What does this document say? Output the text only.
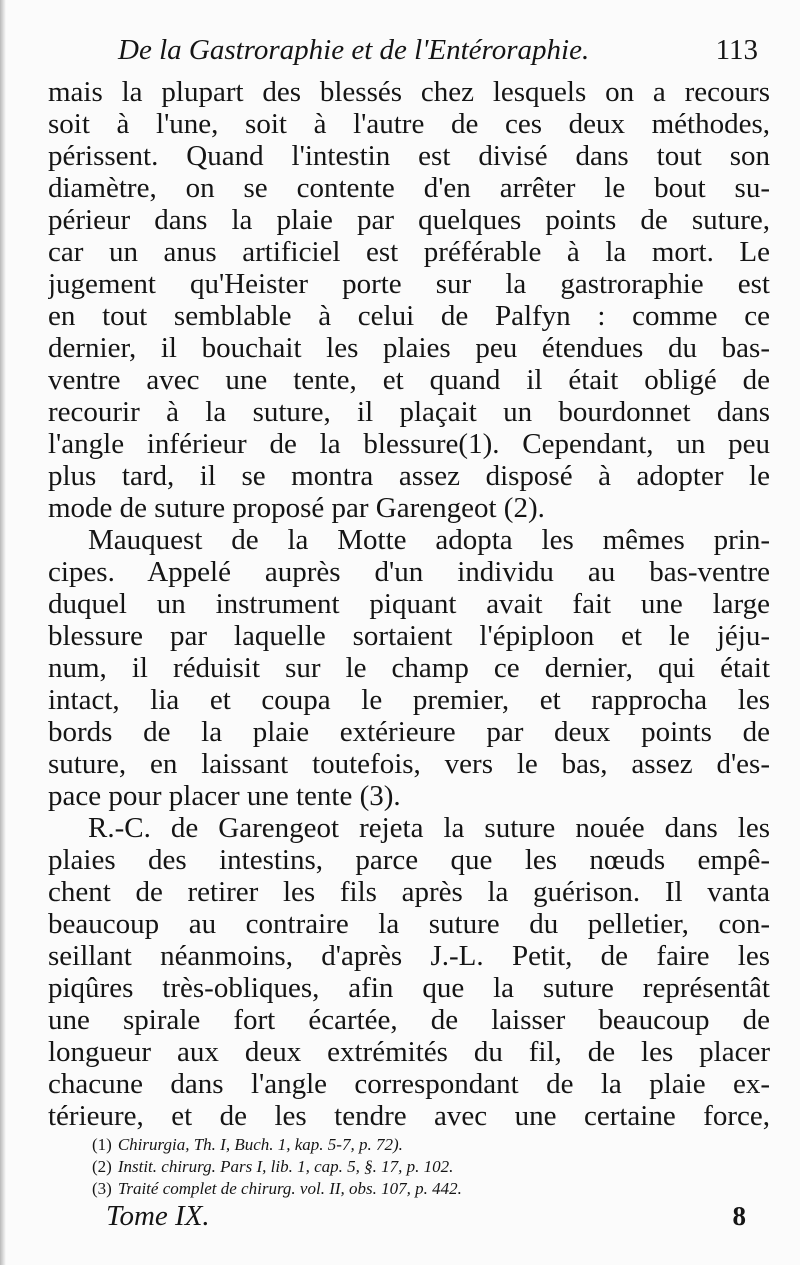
De la Gastroraphie et de l'Entéroraphie.	113
mais la plupart des blessés chez lesquels on a recours
soit à l'une, soit à l'autre de ces deux méthodes,
périssent. Quand l'intestin est divisé dans tout son
diamètre, on se contente d'en arrêter le bout su-
périeur dans la plaie par quelques points de suture,
car un anus artificiel est préférable à la mort. Le
jugement qu'Heister porte sur la gastroraphie est
en tout semblable à celui de Palfyn : comme ce
dernier, il bouchait les plaies peu étendues du bas-
ventre avec une tente, et quand il était obligé de
recourir à la suture, il plaçait un bourdonnet dans
l'angle inférieur de la blessure(1). Cependant, un peu
plus tard, il se montra assez disposé à adopter le
mode de suture proposé par Garengeot (2).
Mauquest de la Motte adopta les mêmes prin-
cipes. Appelé auprès d'un individu au bas-ventre
duquel un instrument piquant avait fait une large
blessure par laquelle sortaient l'épiploon et le jéju-
num, il réduisit sur le champ ce dernier, qui était
intact, lia et coupa le premier, et rapprocha les
bords de la plaie extérieure par deux points de
suture, en laissant toutefois, vers le bas, assez d'es-
pace pour placer une tente (3).
R.-C. de Garengeot rejeta la suture nouée dans les
plaies des intestins, parce que les nœuds empê-
chent de retirer les fils après la guérison. Il vanta
beaucoup au contraire la suture du pelletier, con-
seillant néanmoins, d'après J.-L. Petit, de faire les
piqûres très-obliques, afin que la suture représentât
une spirale fort écartée, de laisser beaucoup de
longueur aux deux extrémités du fil, de les placer
chacune dans l'angle correspondant de la plaie ex-
térieure, et de les tendre avec une certaine force,
(1) Chirurgia, Th. I, Buch. 1, kap. 5-7, p. 72).
(2) Instit. chirurg. Pars I, lib. 1, cap. 5, §. 17, p. 102.
(3) Traité complet de chirurg. vol. II, obs. 107, p. 442.
Tome IX.	8
